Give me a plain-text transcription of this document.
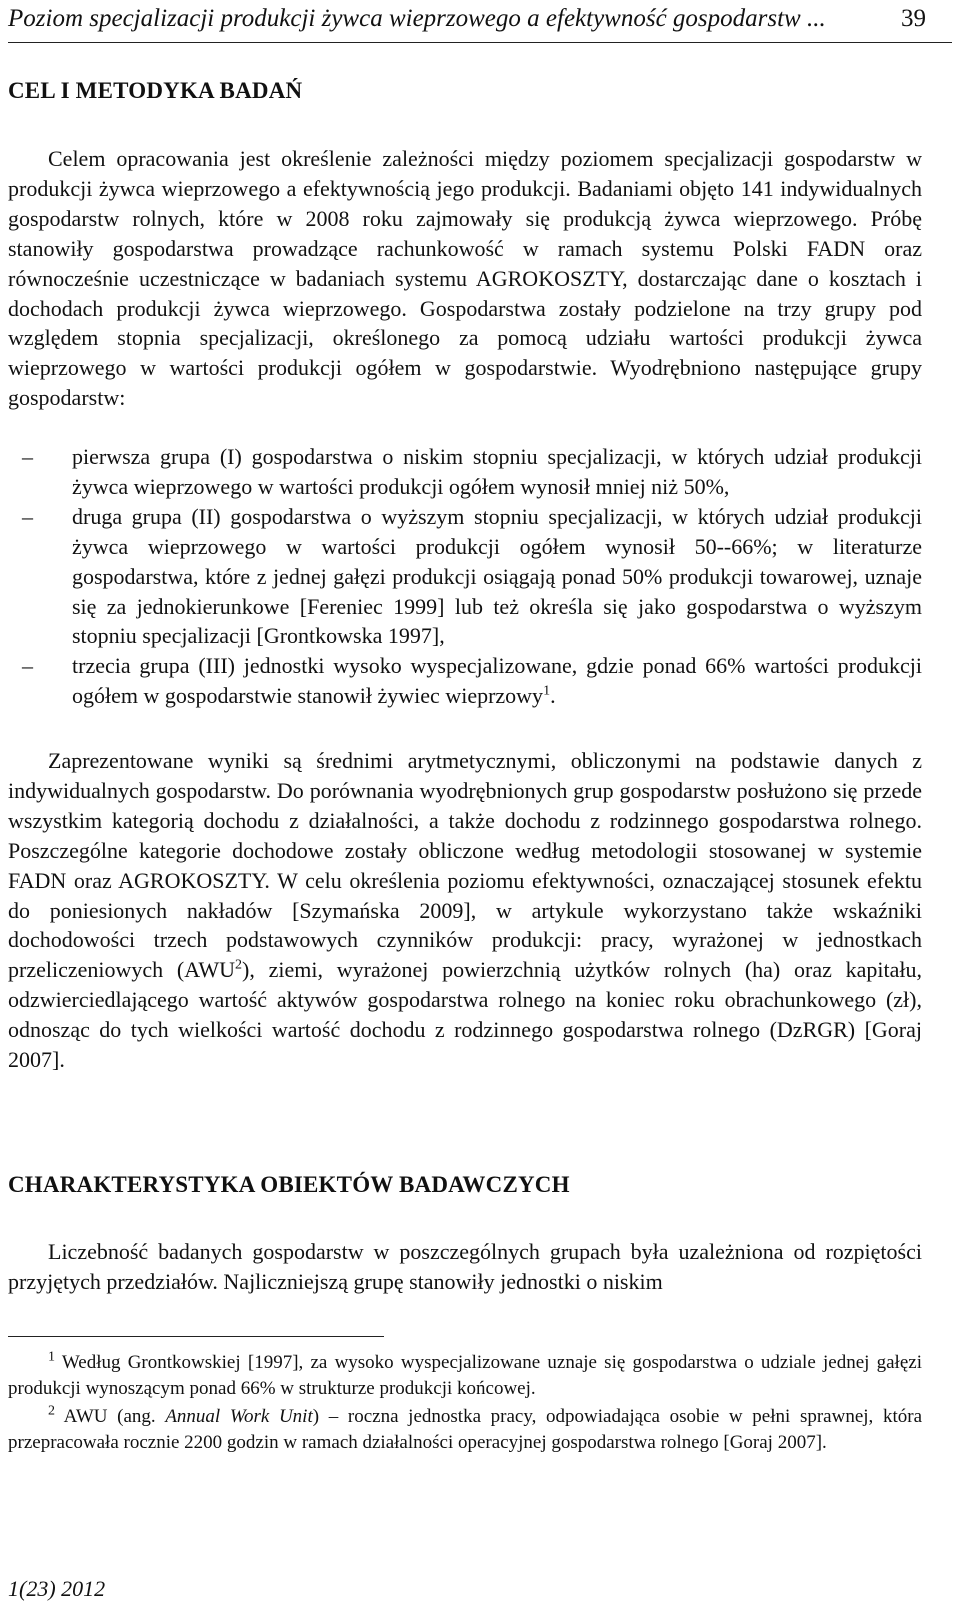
Poziom specjalizacji produkcji żywca wieprzowego a efektywność gospodarstw ...	39
CEL I METODYKA BADAŃ

Celem opracowania jest określenie zależności między poziomem specjalizacji gospodarstw w produkcji żywca wieprzowego a efektywnością jego produkcji. Badaniami objęto 141 indywidualnych gospodarstw rolnych, które w 2008 roku zajmowały się produkcją żywca wieprzowego. Próbę stanowiły gospodarstwa prowadzące rachunkowość w ramach systemu Polski FADN oraz równocześnie uczestniczące w badaniach systemu AGROKOSZTY, dostarczając dane o kosztach i dochodach produkcji żywca wieprzowego. Gospodarstwa zostały podzielone na trzy grupy pod względem stopnia specjalizacji, określonego za pomocą udziału wartości produkcji żywca wieprzowego w wartości produkcji ogółem w gospodarstwie. Wyodrębniono następujące grupy gospodarstw:

– pierwsza grupa (I) gospodarstwa o niskim stopniu specjalizacji, w których udział produkcji żywca wieprzowego w wartości produkcji ogółem wynosił mniej niż 50%,
– druga grupa (II) gospodarstwa o wyższym stopniu specjalizacji, w których udział produkcji żywca wieprzowego w wartości produkcji ogółem wynosił 50--66%; w literaturze gospodarstwa, które z jednej gałęzi produkcji osiągają ponad 50% produkcji towarowej, uznaje się za jednokierunkowe [Fereniec 1999] lub też określa się jako gospodarstwa o wyższym stopniu specjalizacji [Grontkowska 1997],
– trzecia grupa (III) jednostki wysoko wyspecjalizowane, gdzie ponad 66% wartości produkcji ogółem w gospodarstwie stanowił żywiec wieprzowy$^1$.

Zaprezentowane wyniki są średnimi arytmetycznymi, obliczonymi na podstawie danych z indywidualnych gospodarstw. Do porównania wyodrębnionych grup gospodarstw posłużono się przede wszystkim kategorią dochodu z działalności, a także dochodu z rodzinnego gospodarstwa rolnego. Poszczególne kategorie dochodowe zostały obliczone według metodologii stosowanej w systemie FADN oraz AGROKOSZTY. W celu określenia poziomu efektywności, oznaczającej stosunek efektu do poniesionych nakładów [Szymańska 2009], w artykule wykorzystano także wskaźniki dochodowości trzech podstawowych czynników produkcji: pracy, wyrażonej w jednostkach przeliczeniowych (AWU$^2$), ziemi, wyrażonej powierzchnią użytków rolnych (ha) oraz kapitału, odzwierciedlającego wartość aktywów gospodarstwa rolnego na koniec roku obrachunkowego (zł), odnosząc do tych wielkości wartość dochodu z rodzinnego gospodarstwa rolnego (DzRGR) [Goraj 2007].

CHARAKTERYSTYKA OBIEKTÓW BADAWCZYCH

Liczebność badanych gospodarstw w poszczególnych grupach była uzależniona od rozpiętości przyjętych przedziałów. Najliczniejszą grupę stanowiły jednostki o niskim

$^1$ Według Grontkowskiej [1997], za wysoko wyspecjalizowane uznaje się gospodarstwa o udziale jednej gałęzi produkcji wynoszącym ponad 66% w strukturze produkcji końcowej.

$^2$ AWU (ang. Annual Work Unit) – roczna jednostka pracy, odpowiadająca osobie w pełni sprawnej, która przepracowała rocznie 2200 godzin w ramach działalności operacyjnej gospodarstwa rolnego [Goraj 2007].

1(23) 2012
